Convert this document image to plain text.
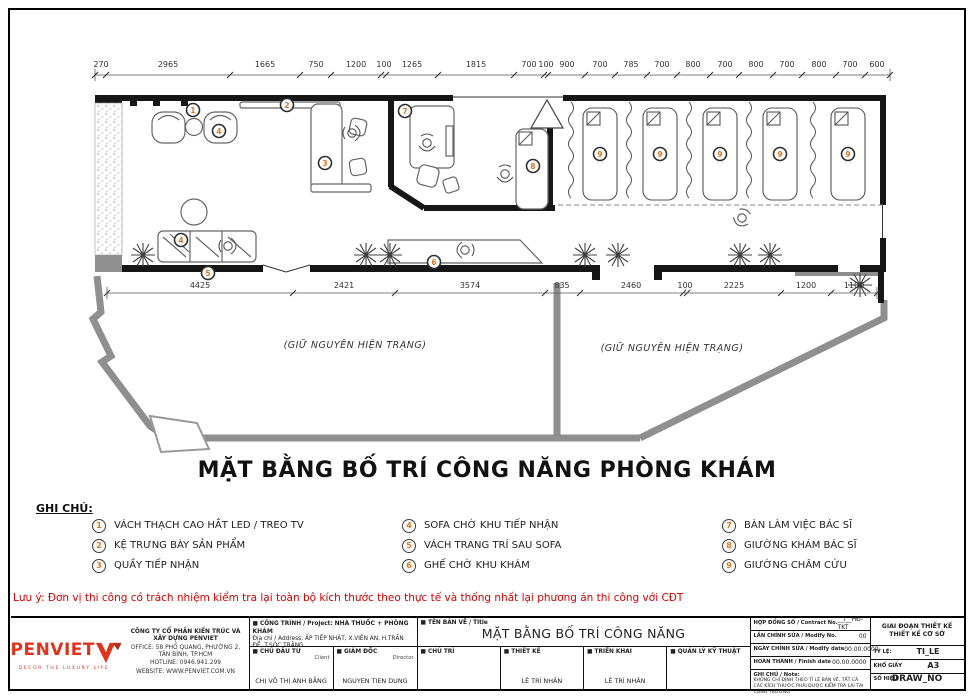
1
2
3
4
4
5
6
7
8
9	9	9	9	9
270	2965	1665	750	1200 100 1265	1815	700 100 900 700 785 700 800 700 800 700 800 700 600
4425	2421	3574	835	2460	100	2225	1200	1100
(GIỮ NGUYÊN HIỆN TRẠNG)	(GIỮ NGUYÊN HIỆN TRẠNG)
MẶT BẰNG BỐ TRÍ CÔNG NĂNG PHÒNG KHÁM
GHI CHÚ:
1	VÁCH THẠCH CAO HẮT LED / TREO TV
2	KỆ TRƯNG BÀY SẢN PHẨM
3	QUẦY TIẾP NHẬN
4	SOFA CHỜ KHU TIẾP NHẬN
5	VÁCH TRANG TRÍ SAU SOFA
6	GHẾ CHỜ KHU KHÁM
7	BÀN LÀM VIỆC BÁC SĨ
8	GIƯỜNG KHÁM BÁC SĨ
9	GIƯỜNG CHÂM CỨU
Lưu ý: Đơn vị thi công có trách nhiệm kiểm tra lại toàn bộ kích thước theo thực tế và thống nhất lại phương án thi công với CĐT
PENVIET
DECOR THE LUXURY LIFE
CÔNG TY CỔ PHẦN KIẾN TRÚC VÀ XÂY DỰNG PENVIET
OFFICE: 58 PHỔ QUANG, PHƯỜNG 2, TÂN BÌNH, TP.HCM
HOTLINE: 0946.941.299
WEBSITE: WWW.PENVIET.COM.VN
■ CÔNG TRÌNH / Project: NHÀ THUỐC + PHÒNG KHÁM
Địa chỉ / Address: ẤP TIẾP NHẬT, X.VIÊN AN, H.TRẦN ĐỀ, T.SÓC TRĂNG
■ CHỦ ĐẦU TƯ
Client
CHỊ VÕ THỊ ÁNH BẰNG
■ GIÁM ĐỐC
Director
NGUYEN TIEN DUNG
■ TÊN BẢN VẼ / Title
MẶT BẰNG BỐ TRÍ CÔNG NĂNG
■ CHỦ TRÌ	■ THIẾT KẾ
LÊ TRÍ NHÂN
■ TRIỂN KHAI
LÊ TRÍ NHÂN
■ QUẢN LÝ KỸ THUẬT
HỢP ĐỒNG SỐ / Contract No.
__/__HĐ-TKT
LẦN CHỈNH SỬA / Modify No.	00
NGÀY CHỈNH SỬA / Modify date 00.00.0000
HOÀN THÀNH / Finish date 00.00.0000
GHI CHÚ / Note:
KHÔNG CHỈ ĐỊNH THEO TỈ LỆ BẢN VẼ, TẤT CẢ CÁC KÍCH THƯỚC PHẢI ĐƯỢC KIỂM TRA LẠI TẠI CÔNG TRƯỜNG
GIAI ĐOẠN THIẾT KẾ
THIẾT KẾ CƠ SỞ
TỶ LỆ:	TI_LE
KHỔ GIẤY	A3
SỐ HIỆU
DRAW_NO
